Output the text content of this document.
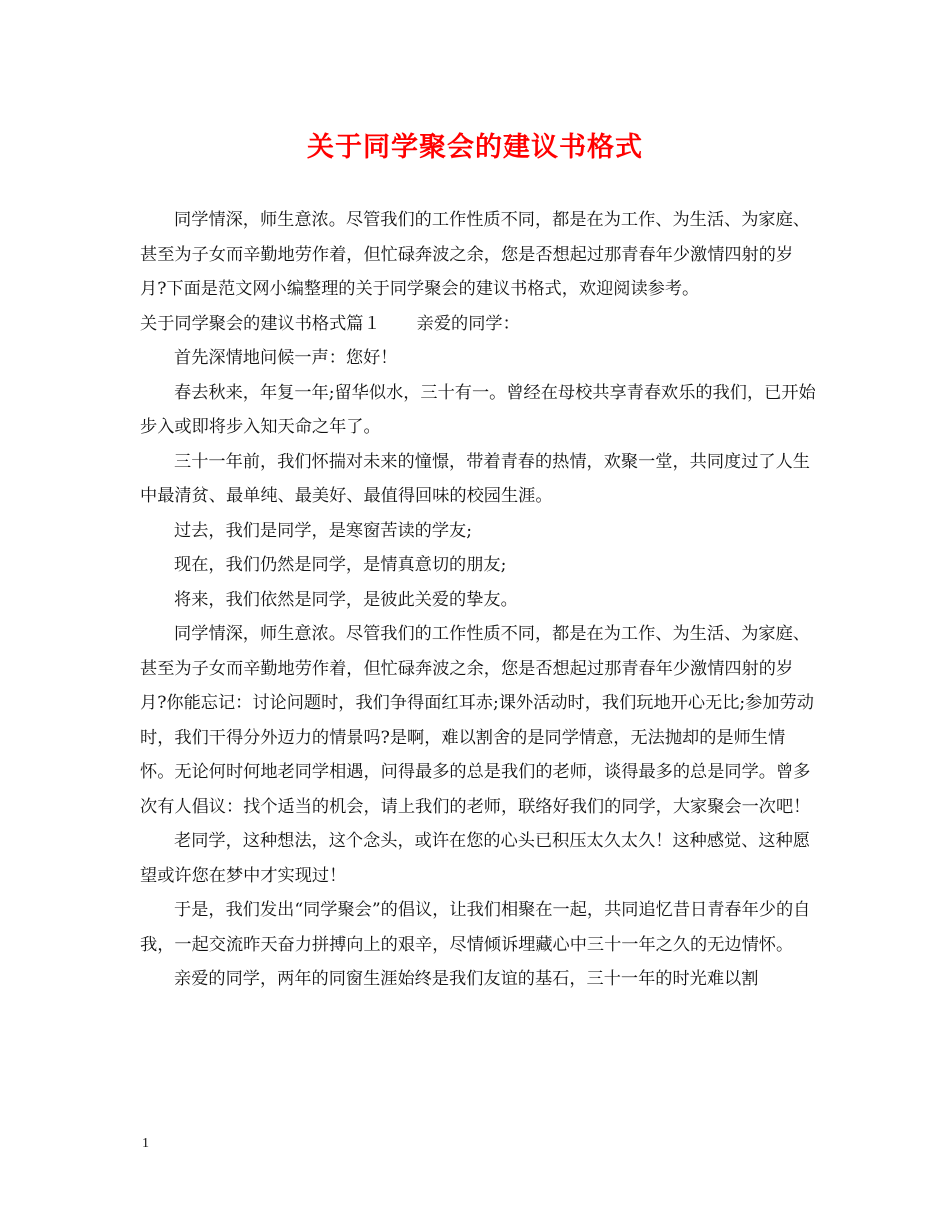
关于同学聚会的建议书格式

同学情深，师生意浓。尽管我们的工作性质不同，都是在为工作、为生活、为家庭、甚至为子女而辛勤地劳作着，但忙碌奔波之余，您是否想起过那青春年少激情四射的岁月?下面是范文网小编整理的关于同学聚会的建议书格式，欢迎阅读参考。

关于同学聚会的建议书格式篇１ 亲爱的同学：

首先深情地问候一声：您好！

春去秋来，年复一年;留华似水，三十有一。曾经在母校共享青春欢乐的我们，已开始步入或即将步入知天命之年了。

三十一年前，我们怀揣对未来的憧憬，带着青春的热情，欢聚一堂，共同度过了人生中最清贫、最单纯、最美好、最值得回味的校园生涯。

过去，我们是同学，是寒窗苦读的学友;

现在，我们仍然是同学，是情真意切的朋友;

将来，我们依然是同学，是彼此关爱的挚友。

同学情深，师生意浓。尽管我们的工作性质不同，都是在为工作、为生活、为家庭、甚至为子女而辛勤地劳作着，但忙碌奔波之余，您是否想起过那青春年少激情四射的岁月?你能忘记：讨论问题时，我们争得面红耳赤;课外活动时，我们玩地开心无比;参加劳动时，我们干得分外迈力的情景吗?是啊，难以割舍的是同学情意，无法抛却的是师生情怀。无论何时何地老同学相遇，问得最多的总是我们的老师，谈得最多的总是同学。曾多次有人倡议：找个适当的机会，请上我们的老师，联络好我们的同学，大家聚会一次吧！

老同学，这种想法，这个念头，或许在您的心头已积压太久太久！这种感觉、这种愿望或许您在梦中才实现过！

于是，我们发出“同学聚会”的倡议，让我们相聚在一起，共同追忆昔日青春年少的自我，一起交流昨天奋力拼搏向上的艰辛，尽情倾诉埋藏心中三十一年之久的无边情怀。

亲爱的同学，两年的同窗生涯始终是我们友谊的基石，三十一年的时光难以割

1
